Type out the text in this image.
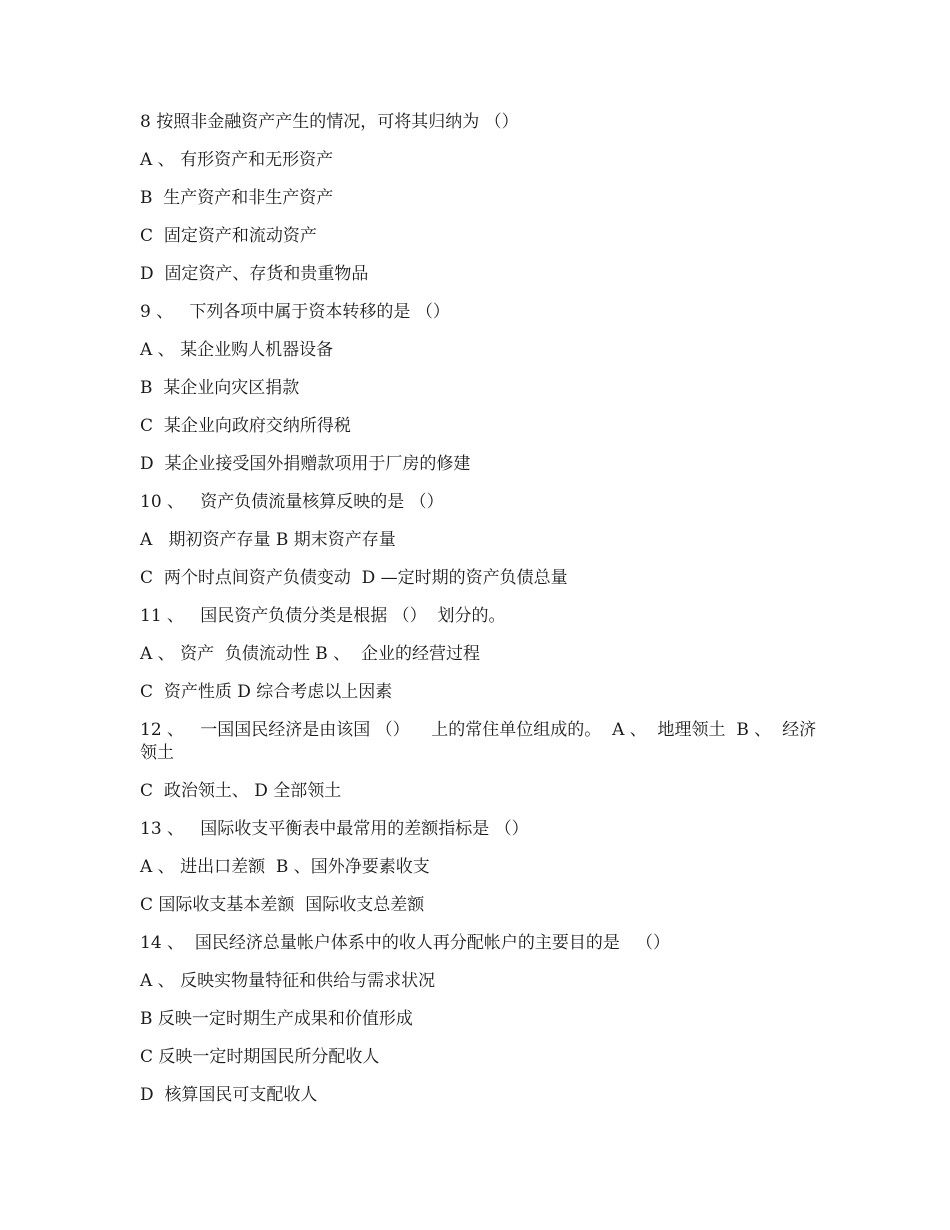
8 按照非金融资产产生的情况，可将其归纳为 （）

A 、 有形资产和无形资产

B  生产资产和非生产资产

C  固定资产和流动资产

D  固定资产、存货和贵重物品

9 、   下列各项中属于资本转移的是 （）

A 、 某企业购人机器设备

B  某企业向灾区捐款

C  某企业向政府交纳所得税

D  某企业接受国外捐赠款项用于厂房的修建

10 、   资产负债流量核算反映的是 （）

A   期初资产存量 B 期末资产存量

C  两个时点间资产负债变动  D —定时期的资产负债总量

11 、   国民资产负债分类是根据 （）  划分的。

A 、 资产  负债流动性 B 、  企业的经营过程

C  资产性质 D 综合考虑以上因素

12 、   一国国民经济是由该国 （）    上的常住单位组成的。  A 、  地理领土  B 、  经济领土

C  政治领土、 D 全部领土

13 、   国际收支平衡表中最常用的差额指标是 （）

A 、 进出口差额  B 、国外净要素收支

C 国际收支基本差额  国际收支总差额

14 、  国民经济总量帐户体系中的收人再分配帐户的主要目的是   （）

A 、 反映实物量特征和供给与需求状况

B 反映一定时期生产成果和价值形成

C 反映一定时期国民所分配收人

D  核算国民可支配收人
